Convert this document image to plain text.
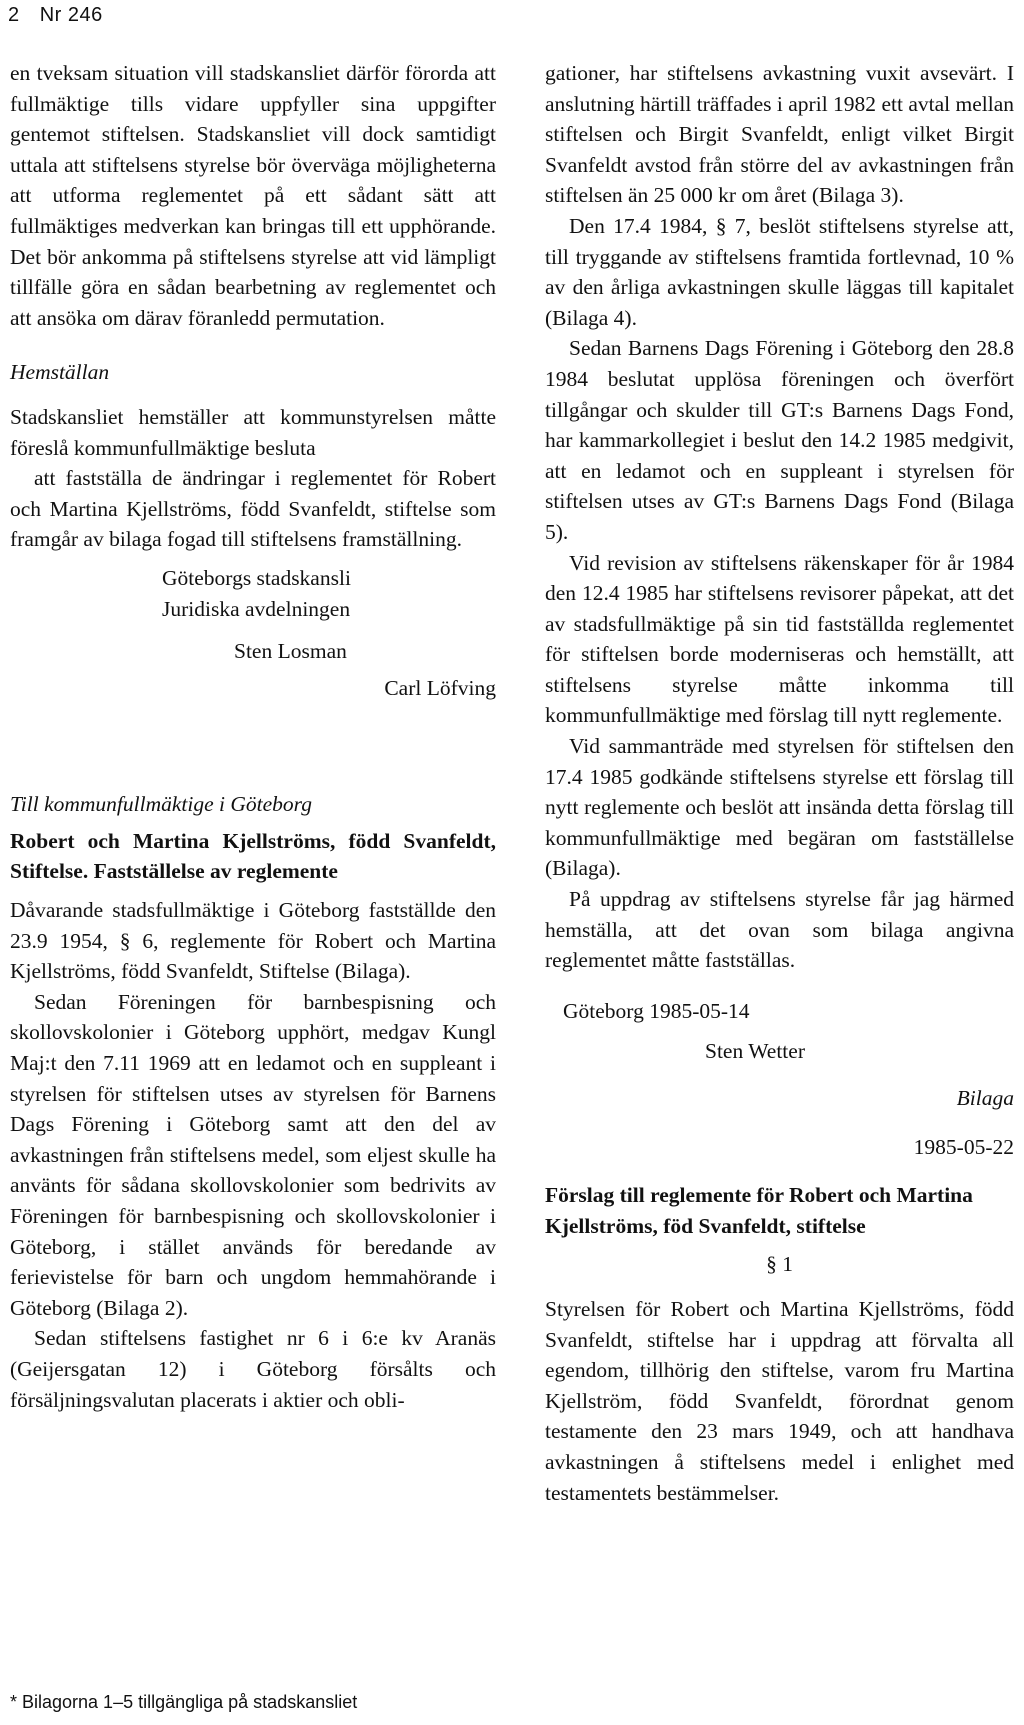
2 Nr 246

en tveksam situation vill stadskansliet därför förorda att fullmäktige tills vidare uppfyller sina uppgifter gentemot stiftelsen. Stadskansliet vill dock samtidigt uttala att stiftelsens styrelse bör överväga möjligheterna att utforma reglementet på ett sådant sätt att fullmäktiges medverkan kan bringas till ett upphörande. Det bör ankomma på stiftelsens styrelse att vid lämpligt tillfälle göra en sådan bearbetning av reglementet och att ansöka om därav föranledd permutation.

Hemställan

Stadskansliet hemställer att kommunstyrelsen måtte föreslå kommunfullmäktige besluta

att fastställa de ändringar i reglementet för Robert och Martina Kjellströms, född Svanfeldt, stiftelse som framgår av bilaga fogad till stiftelsens framställning.

Göteborgs stadskansli

Juridiska avdelningen

Sten Losman

Carl Löfving

Till kommunfullmäktige i Göteborg

Robert och Martina Kjellströms, född Svanfeldt, Stiftelse. Fastställelse av reglemente

Dåvarande stadsfullmäktige i Göteborg fastställde den 23.9 1954, § 6, reglemente för Robert och Martina Kjellströms, född Svanfeldt, Stiftelse (Bilaga).

Sedan Föreningen för barnbespisning och skollovskolonier i Göteborg upphört, medgav Kungl Maj:t den 7.11 1969 att en ledamot och en suppleant i styrelsen för stiftelsen utses av styrelsen för Barnens Dags Förening i Göteborg samt att den del av avkastningen från stiftelsens medel, som eljest skulle ha använts för sådana skollovskolonier som bedrivits av Föreningen för barnbespisning och skollovskolonier i Göteborg, i stället används för beredande av ferievistelse för barn och ungdom hemmahörande i Göteborg (Bilaga 2).

Sedan stiftelsens fastighet nr 6 i 6:e kv Aranäs (Geijersgatan 12) i Göteborg försålts och försäljningsvalutan placerats i aktier och obli-

gationer, har stiftelsens avkastning vuxit avsevärt. I anslutning härtill träffades i april 1982 ett avtal mellan stiftelsen och Birgit Svanfeldt, enligt vilket Birgit Svanfeldt avstod från större del av avkastningen från stiftelsen än 25 000 kr om året (Bilaga 3).

Den 17.4 1984, § 7, beslöt stiftelsens styrelse att, till tryggande av stiftelsens framtida fortlevnad, 10 % av den årliga avkastningen skulle läggas till kapitalet (Bilaga 4).

Sedan Barnens Dags Förening i Göteborg den 28.8 1984 beslutat upplösa föreningen och överfört tillgångar och skulder till GT:s Barnens Dags Fond, har kammarkollegiet i beslut den 14.2 1985 medgivit, att en ledamot och en suppleant i styrelsen för stiftelsen utses av GT:s Barnens Dags Fond (Bilaga 5).

Vid revision av stiftelsens räkenskaper för år 1984 den 12.4 1985 har stiftelsens revisorer påpekat, att det av stadsfullmäktige på sin tid fastställda reglementet för stiftelsen borde moderniseras och hemställt, att stiftelsens styrelse måtte inkomma till kommunfullmäktige med förslag till nytt reglemente.

Vid sammanträde med styrelsen för stiftelsen den 17.4 1985 godkände stiftelsens styrelse ett förslag till nytt reglemente och beslöt att insända detta förslag till kommunfullmäktige med begäran om fastställelse (Bilaga).

På uppdrag av stiftelsens styrelse får jag härmed hemställa, att det ovan som bilaga angivna reglementet måtte fastställas.

Göteborg 1985-05-14

Sten Wetter

Bilaga

1985-05-22

Förslag till reglemente för Robert och Martina Kjellströms, föd Svanfeldt, stiftelse

§ 1

Styrelsen för Robert och Martina Kjellströms, född Svanfeldt, stiftelse har i uppdrag att förvalta all egendom, tillhörig den stiftelse, varom fru Martina Kjellström, född Svanfeldt, förordnat genom testamente den 23 mars 1949, och att handhava avkastningen å stiftelsens medel i enlighet med testamentets bestämmelser.

* Bilagorna 1–5 tillgängliga på stadskansliet
